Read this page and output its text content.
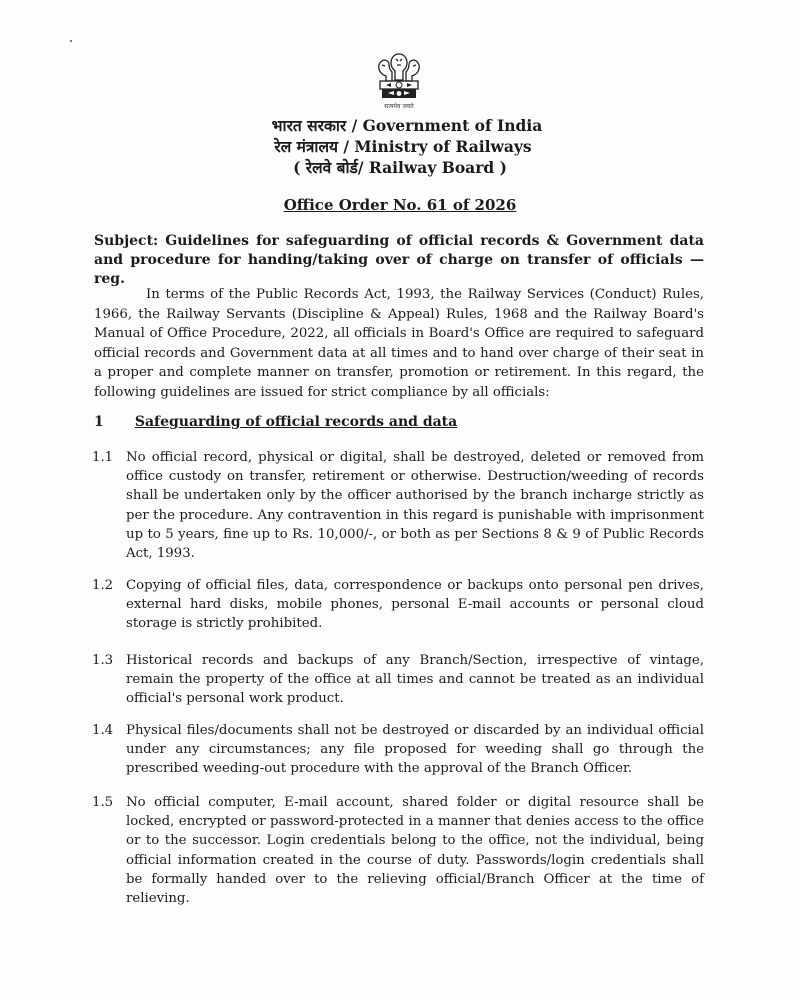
सत्यमेव जयते
भारत सरकार / Government of India
रेल मंत्रालय / Ministry of Railways
( रेलवे बोर्ड/ Railway Board )
Office Order No. 61 of 2026
Subject: Guidelines for safeguarding of official records & Government data and procedure for handing/taking over of charge on transfer of officials — reg.
In terms of the Public Records Act, 1993, the Railway Services (Conduct) Rules, 1966, the Railway Servants (Discipline & Appeal) Rules, 1968 and the Railway Board's Manual of Office Procedure, 2022, all officials in Board's Office are required to safeguard official records and Government data at all times and to hand over charge of their seat in a proper and complete manner on transfer, promotion or retirement. In this regard, the following guidelines are issued for strict compliance by all officials:
1 Safeguarding of official records and data
1.1 No official record, physical or digital, shall be destroyed, deleted or removed from office custody on transfer, retirement or otherwise. Destruction/weeding of records shall be undertaken only by the officer authorised by the branch incharge strictly as per the procedure. Any contravention in this regard is punishable with imprisonment up to 5 years, fine up to Rs. 10,000/-, or both as per Sections 8 & 9 of Public Records Act, 1993.
1.2 Copying of official files, data, correspondence or backups onto personal pen drives, external hard disks, mobile phones, personal E-mail accounts or personal cloud storage is strictly prohibited.
1.3 Historical records and backups of any Branch/Section, irrespective of vintage, remain the property of the office at all times and cannot be treated as an individual official's personal work product.
1.4 Physical files/documents shall not be destroyed or discarded by an individual official under any circumstances; any file proposed for weeding shall go through the prescribed weeding-out procedure with the approval of the Branch Officer.
1.5 No official computer, E-mail account, shared folder or digital resource shall be locked, encrypted or password-protected in a manner that denies access to the office or to the successor. Login credentials belong to the office, not the individual, being official information created in the course of duty. Passwords/login credentials shall be formally handed over to the relieving official/Branch Officer at the time of relieving.
